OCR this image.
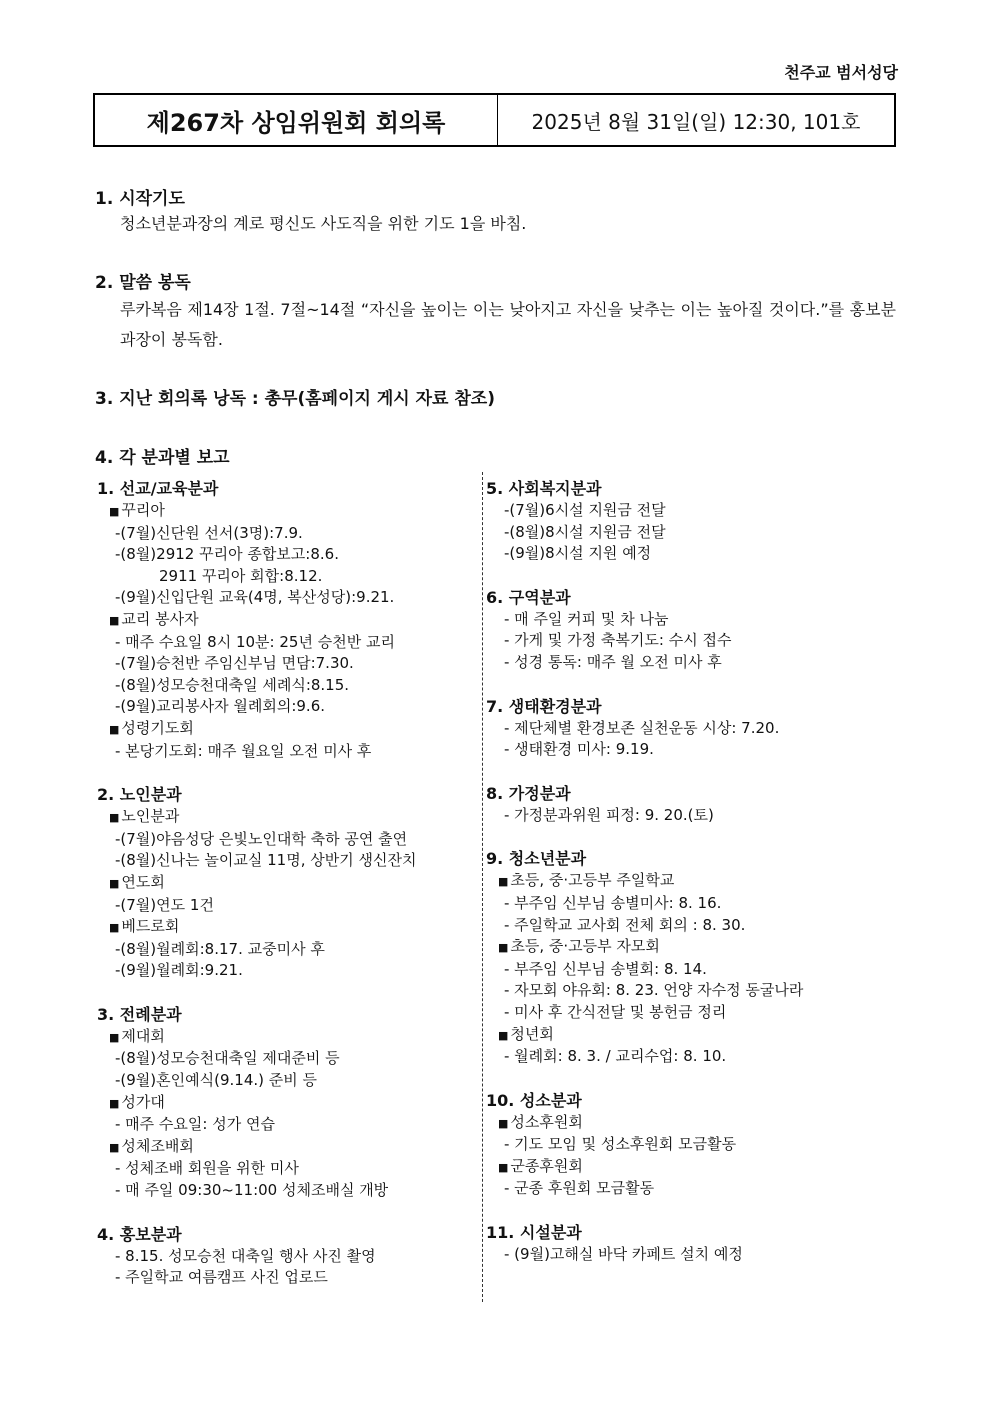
천주교 범서성당
제267차 상임위원회 회의록	2025년 8월 31일(일) 12:30, 101호
1. 시작기도
청소년분과장의 계로 평신도 사도직을 위한 기도 1을 바침.
2. 말씀 봉독
루카복음 제14장 1절. 7절~14절 “자신을 높이는 이는 낮아지고 자신을 낮추는 이는 높아질 것이다.”를 홍보분과장이 봉독함.
3. 지난 회의록 낭독 : 총무(홈페이지 게시 자료 참조)
4. 각 분과별 보고
1. 선교/교육분과
■ 꾸리아
-(7월)신단원 선서(3명):7.9.
-(8월)2912 꾸리아 종합보고:8.6.
2911 꾸리아 회합:8.12.
-(9월)신입단원 교육(4명, 복산성당):9.21.
■ 교리 봉사자
- 매주 수요일 8시 10분: 25년 승천반 교리
-(7월)승천반 주임신부님 면담:7.30.
-(8월)성모승천대축일 세례식:8.15.
-(9월)교리봉사자 월례회의:9.6.
■ 성령기도회
- 본당기도회: 매주 월요일 오전 미사 후
2. 노인분과
■ 노인분과
-(7월)야음성당 은빛노인대학 축하 공연 출연
-(8월)신나는 놀이교실 11명, 상반기 생신잔치
■ 연도회
-(7월)연도 1건
■ 베드로회
-(8월)월례회:8.17. 교중미사 후
-(9월)월례회:9.21.
3. 전례분과
■ 제대회
-(8월)성모승천대축일 제대준비 등
-(9월)혼인예식(9.14.) 준비 등
■ 성가대
- 매주 수요일: 성가 연습
■ 성체조배회
- 성체조배 회원을 위한 미사
- 매 주일 09:30~11:00 성체조배실 개방
4. 홍보분과
- 8.15. 성모승천 대축일 행사 사진 촬영
- 주일학교 여름캠프 사진 업로드
5. 사회복지분과
-(7월)6시설 지원금 전달
-(8월)8시설 지원금 전달
-(9월)8시설 지원 예정
6. 구역분과
- 매 주일 커피 및 차 나눔
- 가게 및 가정 축복기도: 수시 접수
- 성경 통독: 매주 월 오전 미사 후
7. 생태환경분과
- 제단체별 환경보존 실천운동 시상: 7.20.
- 생태환경 미사: 9.19.
8. 가정분과
- 가정분과위원 피정: 9. 20.(토)
9. 청소년분과
■ 초등, 중·고등부 주일학교
- 부주임 신부님 송별미사: 8. 16.
- 주일학교 교사회 전체 회의 : 8. 30.
■ 초등, 중·고등부 자모회
- 부주임 신부님 송별회: 8. 14.
- 자모회 야유회: 8. 23. 언양 자수정 동굴나라
- 미사 후 간식전달 및 봉헌금 정리
■ 청년회
- 월례회: 8. 3. / 교리수업: 8. 10.
10. 성소분과
■ 성소후원회
- 기도 모임 및 성소후원회 모금활동
■ 군종후원회
- 군종 후원회 모금활동
11. 시설분과
- (9월)고해실 바닥 카페트 설치 예정
